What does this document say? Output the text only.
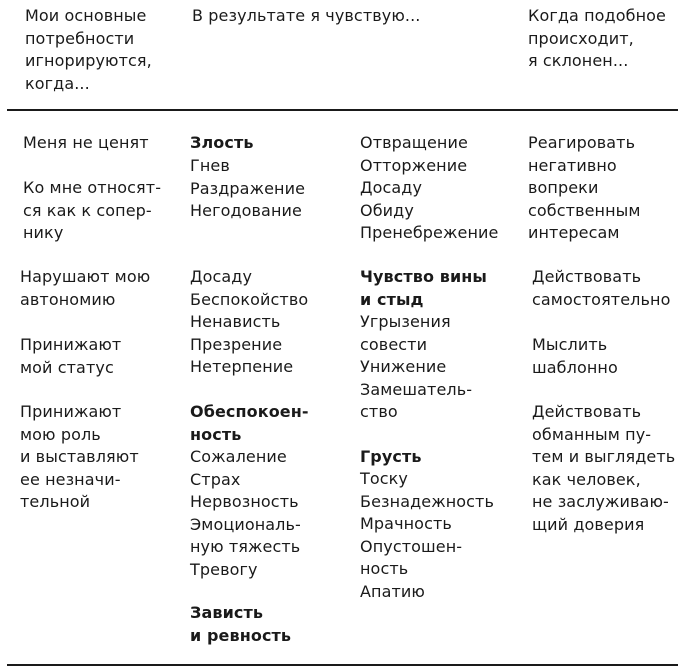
Мои основные
потребности
игнорируются,
когда...
В результате я чувствую...	Когда подобное
происходит,
я склонен...
Меня не ценят
Ко мне относят-
ся как к сопер-
нику
Нарушают мою
автономию
Принижают
мой статус
Принижают
мою роль
и выставляют
ее незначи-
тельной
Злость
Гнев
Раздражение
Негодование
Досаду
Беспокойство
Ненависть
Презрение
Нетерпение
Обеспокоен-
ность
Сожаление
Страх
Нервозность
Эмоциональ-
ную тяжесть
Тревогу
Зависть
и ревность
Отвращение
Отторжение
Досаду
Обиду
Пренебрежение
Чувство вины
и стыд
Угрызения
совести
Унижение
Замешатель-
ство
Грусть
Тоску
Безнадежность
Мрачность
Опустошен-
ность
Апатию
Реагировать
негативно
вопреки
собственным
интересам
Действовать
самостоятельно
Мыслить
шаблонно
Действовать
обманным пу-
тем и выглядеть
как человек,
не заслуживаю-
щий доверия
